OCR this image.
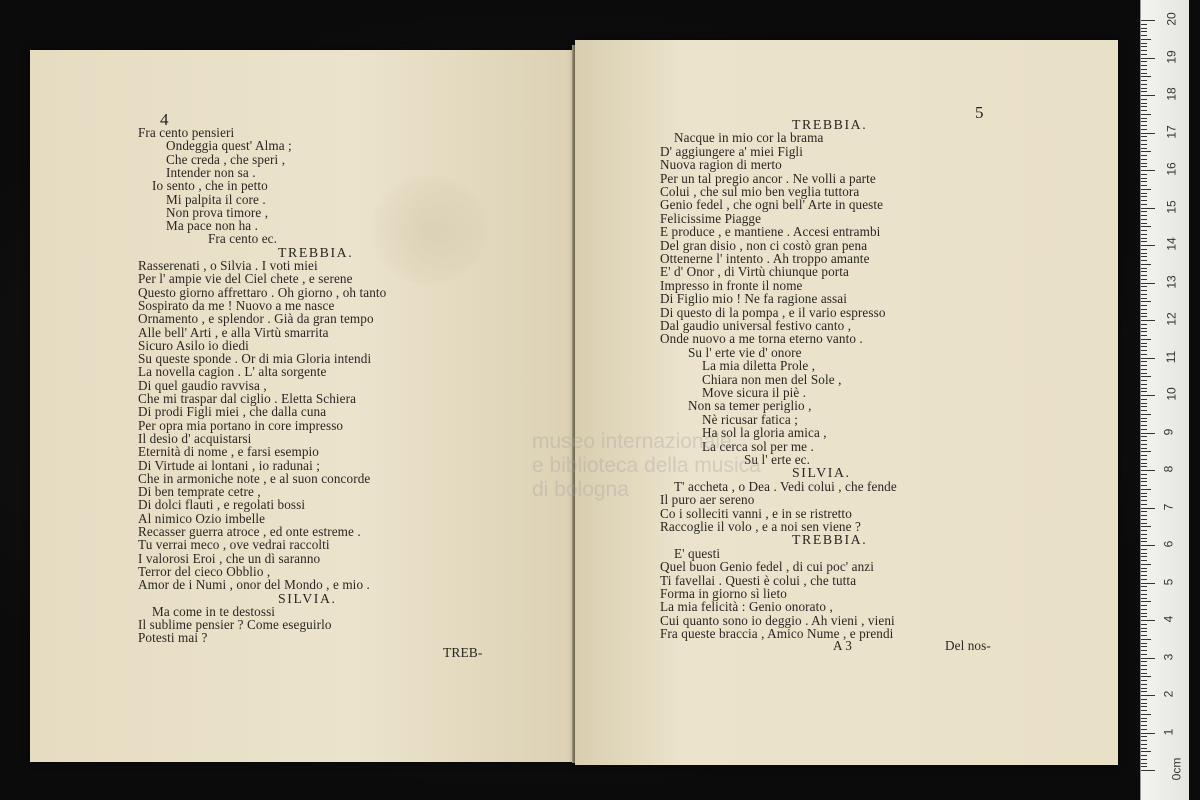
4
Fra cento pensieri
Ondeggia quest' Alma ;
Che creda , che speri ,
Intender non sa .
Io sento , che in petto
Mi palpita il core .
Non prova timore ,
Ma pace non ha .
Fra cento ec.
TREBBIA.
Rasserenati , o Silvia . I voti miei
Per l' ampie vie del Ciel chete , e serene
Questo giorno affrettaro . Oh giorno , oh tanto
Sospirato da me ! Nuovo a me nasce
Ornamento , e splendor . Già da gran tempo
Alle bell' Arti , e alla Virtù smarrita
Sicuro Asilo io diedi
Su queste sponde . Or di mia Gloria intendi
La novella cagion . L' alta sorgente
Di quel gaudio ravvisa ,
Che mi traspar dal ciglio . Eletta Schiera
Di prodi Figli miei , che dalla cuna
Per opra mia portano in core impresso
Il desio d' acquistarsi
Eternità di nome , e farsi esempio
Di Virtude ai lontani , io radunai ;
Che in armoniche note , e al suon concorde
Di ben temprate cetre ,
Di dolci flauti , e regolati bossi
Al nimico Ozio imbelle
Recasser guerra atroce , ed onte estreme .
Tu verrai meco , ove vedrai raccolti
I valorosi Eroi , che un dì saranno
Terror del cieco Obblio ,
Amor de i Numi , onor del Mondo , e mio .
SILVIA.
Ma come in te destossi
Il sublime pensier ? Come eseguirlo
Potesti mai ?
TREB-
5
TREBBIA.
Nacque in mio cor la brama
D' aggiungere a' miei Figli
Nuova ragion di merto
Per un tal pregio ancor . Ne volli a parte
Colui , che sul mio ben veglia tuttora
Genio fedel , che ogni bell' Arte in queste
Felicissime Piagge
E produce , e mantiene . Accesi entrambi
Del gran disio , non ci costò gran pena
Ottenerne l' intento . Ah troppo amante
E' d' Onor , di Virtù chiunque porta
Impresso in fronte il nome
Di Figlio mio ! Ne fa ragione assai
Di questo di la pompa , e il vario espresso
Dal gaudio universal festivo canto ,
Onde nuovo a me torna eterno vanto .
Su l' erte vie d' onore
La mia diletta Prole ,
Chiara non men del Sole ,
Move sicura il piè .
Non sa temer periglio ,
Nè ricusar fatica ;
Ha sol la gloria amica ,
La cerca sol per me .
Su l' erte ec.
SILVIA.
T' accheta , o Dea . Vedi colui , che fende
Il puro aer sereno
Co i solleciti vanni , e in se ristretto
Raccoglie il volo , e a noi sen viene ?
TREBBIA.
E' questi
Quel buon Genio fedel , di cui poc' anzi
Ti favellai . Questi è colui , che tutta
Forma in giorno sì lieto
La mia felicità : Genio onorato ,
Cui quanto sono io deggio . Ah vieni , vieni
Fra queste braccia , Amico Nume , e prendi
A 3	Del nos-
museo internazionale
e biblioteca della musica
di bologna
0cm
1
2
3
4
5
6
7
8
9
10
11
12
13
14
15
16
17
18
19
20
